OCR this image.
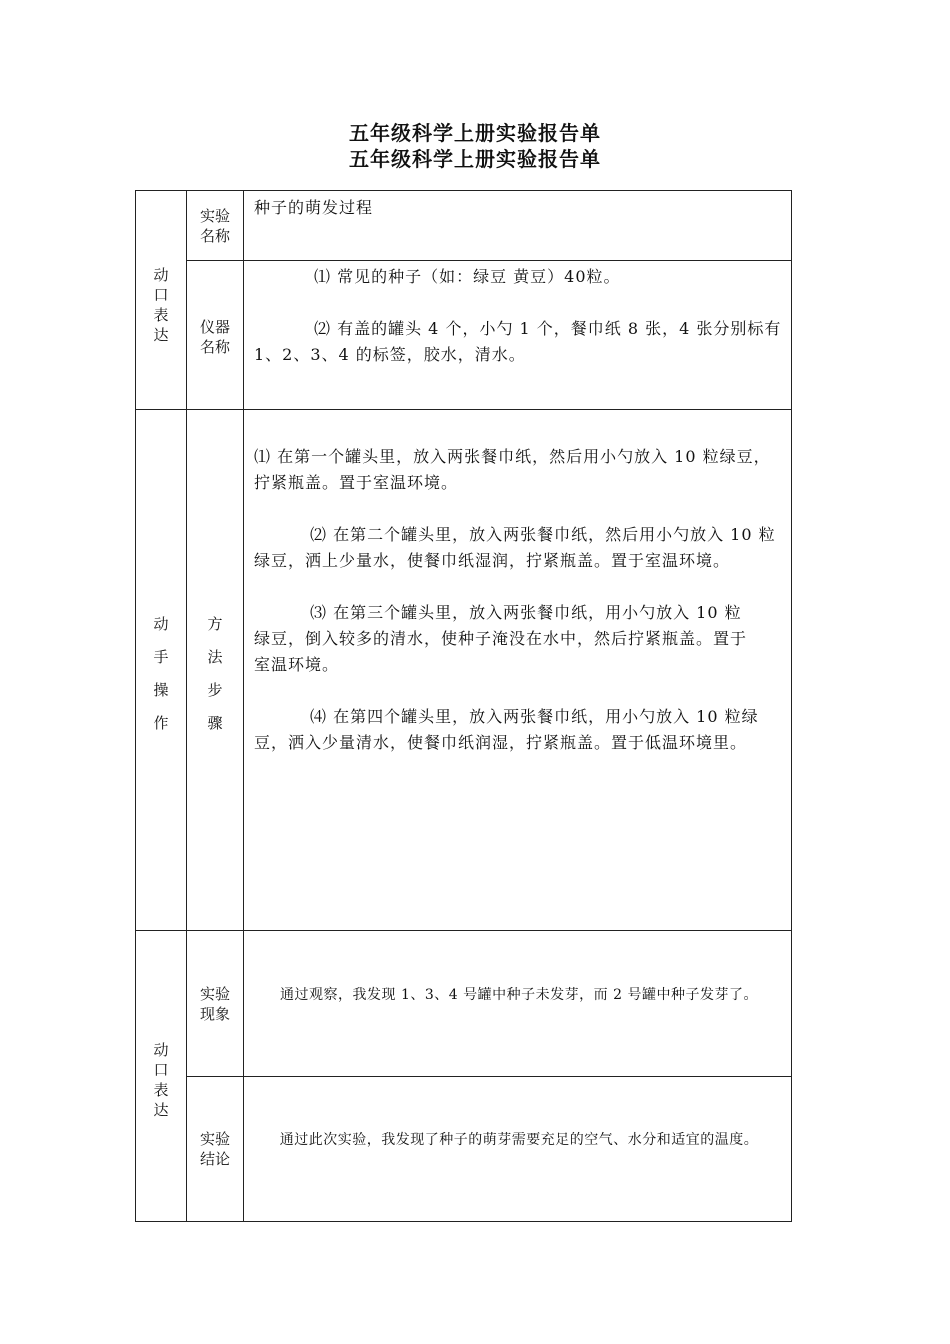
五年级科学上册实验报告单
五年级科学上册实验报告单
动
口
表
达
实验
名称
种子的萌发过程
仪器
名称

⑴ 常见的种子（如：绿豆 黄豆）40粒。

⑵ 有盖的罐头 4 个，小勺 1 个，餐巾纸 8 张，4 张分别标有 1、2、3、4 的标签，胶水，清水。

动
手
操
作
方
法
步
骤

⑴ 在第一个罐头里，放入两张餐巾纸，然后用小勺放入 10 粒绿豆，拧紧瓶盖。置于室温环境。

⑵ 在第二个罐头里，放入两张餐巾纸，然后用小勺放入 10 粒绿豆，洒上少量水，使餐巾纸湿润，拧紧瓶盖。置于室温环境。

⑶ 在第三个罐头里，放入两张餐巾纸，用小勺放入 10 粒绿豆，倒入较多的清水，使种子淹没在水中，然后拧紧瓶盖。置于室温环境。

⑷ 在第四个罐头里，放入两张餐巾纸，用小勺放入 10 粒绿豆，洒入少量清水，使餐巾纸润湿，拧紧瓶盖。置于低温环境里。

动
口
表
达
实验
现象
通过观察，我发现 1、3、4 号罐中种子未发芽，而 2 号罐中种子发芽了。
实验
结论
通过此次实验，我发现了种子的萌芽需要充足的空气、水分和适宜的温度。
